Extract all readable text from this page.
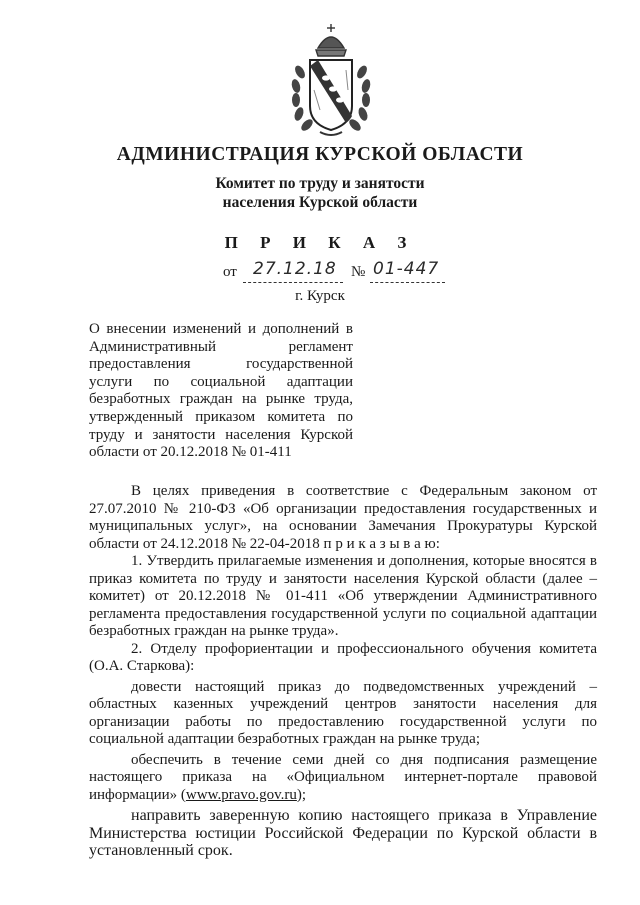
АДМИНИСТРАЦИЯ КУРСКОЙ ОБЛАСТИ
Комитет по труду и занятости
населения Курской области
П Р И К А З
от 27.12.18 № 01-447
г. Курск
О внесении изменений и дополнений в
Административный регламент
предоставления государственной
услуги по социальной адаптации
безработных граждан на рынке труда,
утвержденный приказом комитета по
труду и занятости населения Курской
области от 20.12.2018 № 01-411

В целях приведения в соответствие с Федеральным законом от 27.07.2010 № 210-ФЗ «Об организации предоставления государственных и муниципальных услуг», на основании Замечания Прокуратуры Курской области от 24.12.2018 № 22-04-2018 п р и к а з ы в а ю:

1. Утвердить прилагаемые изменения и дополнения, которые вносятся в приказ комитета по труду и занятости населения Курской области (далее – комитет) от 20.12.2018 № 01-411 «Об утверждении Административного регламента предоставления государственной услуги по социальной адаптации безработных граждан на рынке труда».

2. Отделу профориентации и профессионального обучения комитета (О.А. Старкова):

довести настоящий приказ до подведомственных учреждений – областных казенных учреждений центров занятости населения для организации работы по предоставлению государственной услуги по социальной адаптации безработных граждан на рынке труда;

обеспечить в течение семи дней со дня подписания размещение настоящего приказа на «Официальном интернет-портале правовой информации» (www.pravo.gov.ru);

направить заверенную копию настоящего приказа в Управление Министерства юстиции Российской Федерации по Курской области в установленный срок.
